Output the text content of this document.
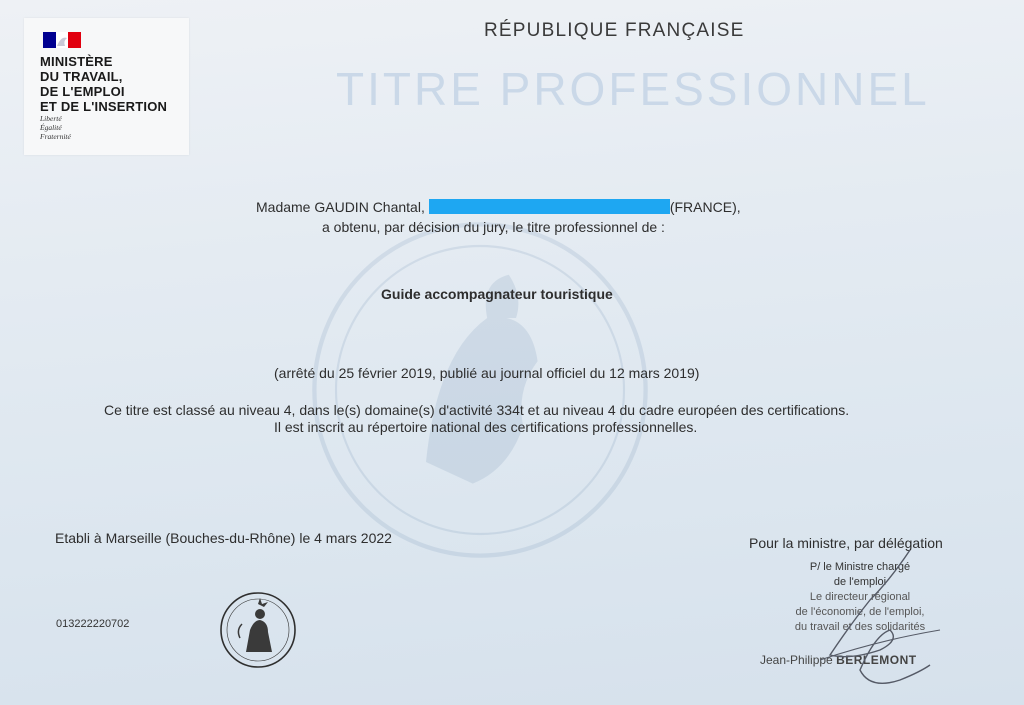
MINISTÈRE
DU TRAVAIL,
DE L'EMPLOI
ET DE L'INSERTION
Liberté
Égalité
Fraternité
RÉPUBLIQUE FRANÇAISE
TITRE PROFESSIONNEL
Madame GAUDIN Chantal,	(FRANCE),
a obtenu, par décision du jury, le titre professionnel de :
Guide accompagnateur touristique
(arrêté du 25 février 2019, publié au journal officiel du 12 mars 2019)
Ce titre est classé au niveau 4, dans le(s) domaine(s) d'activité 334t et au niveau 4 du cadre européen des certifications.
Il est inscrit au répertoire national des certifications professionnelles.
Etabli à Marseille (Bouches-du-Rhône) le 4 mars 2022	Pour la ministre, par délégation
013222220702
P/ le Ministre chargé
de l'emploi
Le directeur régional
de l'économie, de l'emploi,
du travail et des solidarités
Jean-Philippe BERLEMONT
